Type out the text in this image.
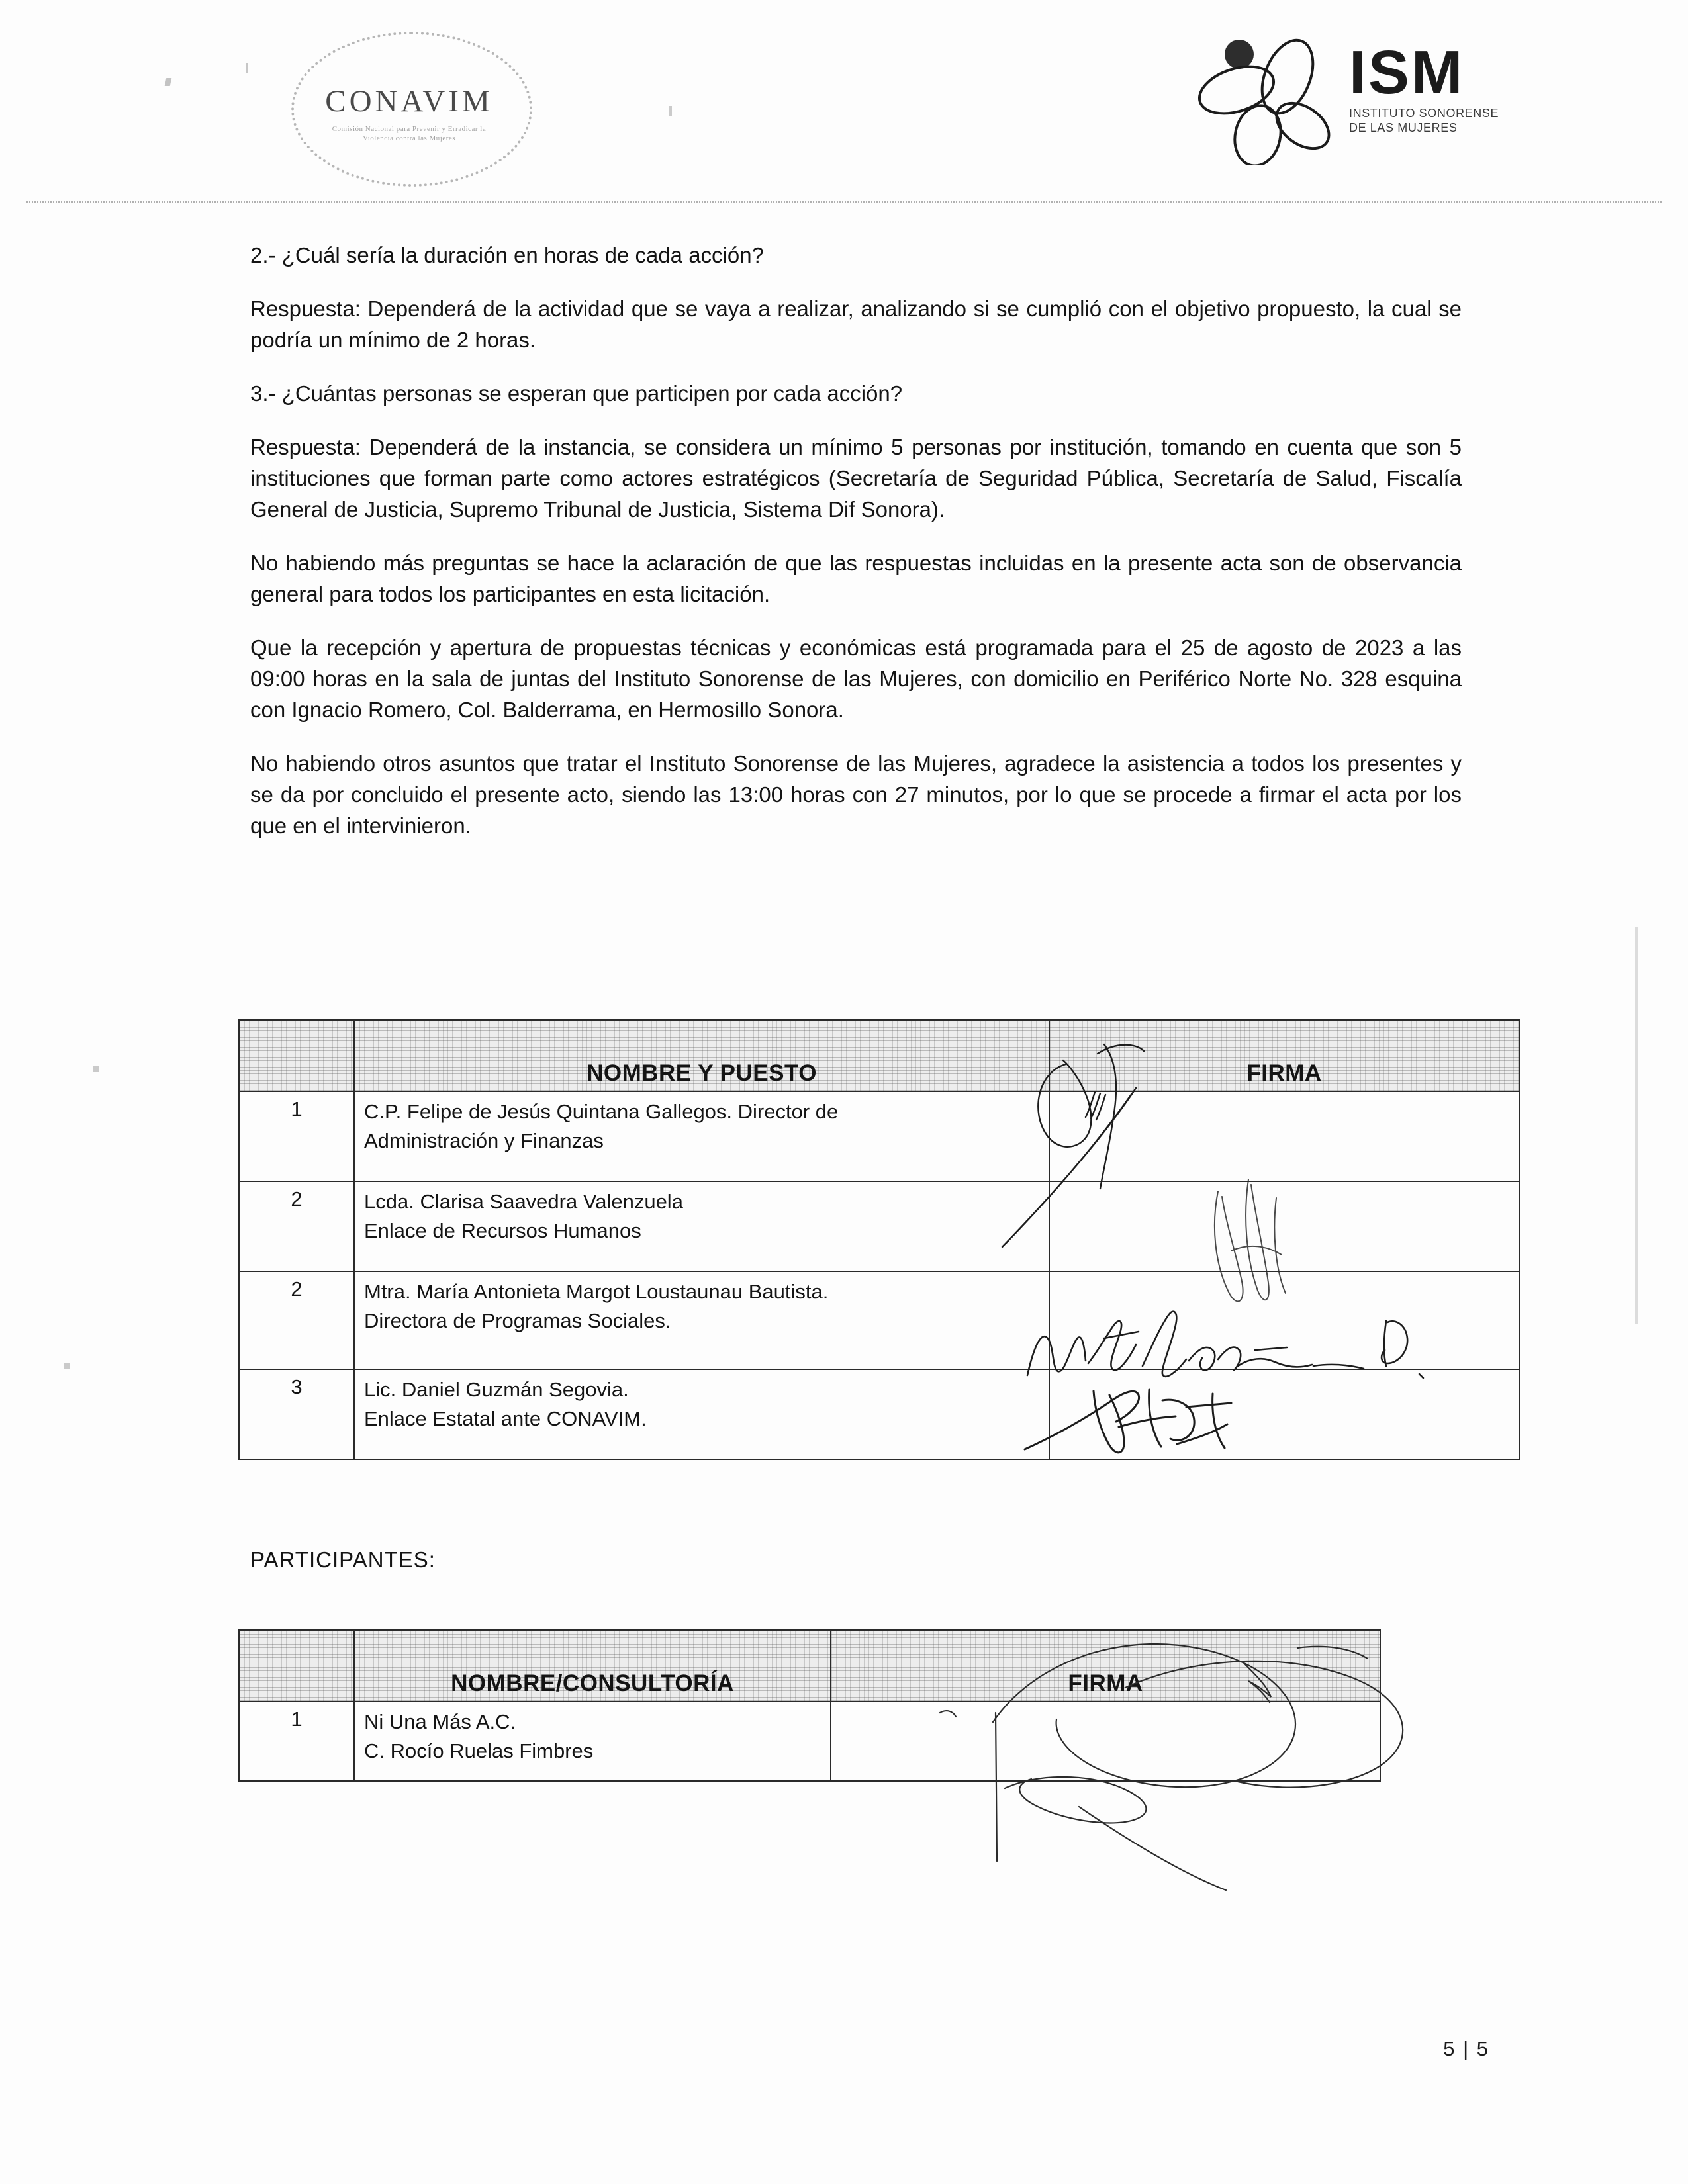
CONAVIM
Comisión Nacional para Prevenir y Erradicar la Violencia contra las Mujeres
ISM
INSTITUTO SONORENSE
DE LAS MUJERES

2.- ¿Cuál sería la duración en horas de cada acción?

Respuesta: Dependerá de la actividad que se vaya a realizar, analizando si se cumplió con el objetivo propuesto, la cual se podría un mínimo de 2 horas.

3.- ¿Cuántas personas se esperan que participen por cada acción?

Respuesta: Dependerá de la instancia, se considera un mínimo 5 personas por institución, tomando en cuenta que son 5 instituciones que forman parte como actores estratégicos (Secretaría de Seguridad Pública, Secretaría de Salud, Fiscalía General de Justicia, Supremo Tribunal de Justicia, Sistema Dif Sonora).

No habiendo más preguntas se hace la aclaración de que las respuestas incluidas en la presente acta son de observancia general para todos los participantes en esta licitación.

Que la recepción y apertura de propuestas técnicas y económicas está programada para el 25 de agosto de 2023 a las 09:00 horas en la sala de juntas del Instituto Sonorense de las Mujeres, con domicilio en Periférico Norte No. 328 esquina con Ignacio Romero, Col. Balderrama, en Hermosillo Sonora.

No habiendo otros asuntos que tratar el Instituto Sonorense de las Mujeres, agradece la asistencia a todos los presentes y se da por concluido el presente acto, siendo las 13:00 horas con 27 minutos, por lo que se procede a firmar el acta por los que en el intervinieron.

	NOMBRE Y PUESTO	FIRMA
1	C.P. Felipe de Jesús Quintana Gallegos. Director de
Administración y Finanzas	

2	Lcda. Clarisa Saavedra Valenzuela
Enlace de Recursos Humanos	

2	Mtra. María Antonieta Margot Loustaunau Bautista.
Directora de Programas Sociales.	

3	Lic. Daniel Guzmán Segovia.
Enlace Estatal ante CONAVIM.	

PARTICIPANTES:
	NOMBRE/CONSULTORÍA	FIRMA
1	Ni Una Más A.C.
C. Rocío Ruelas Fimbres	

5 | 5
